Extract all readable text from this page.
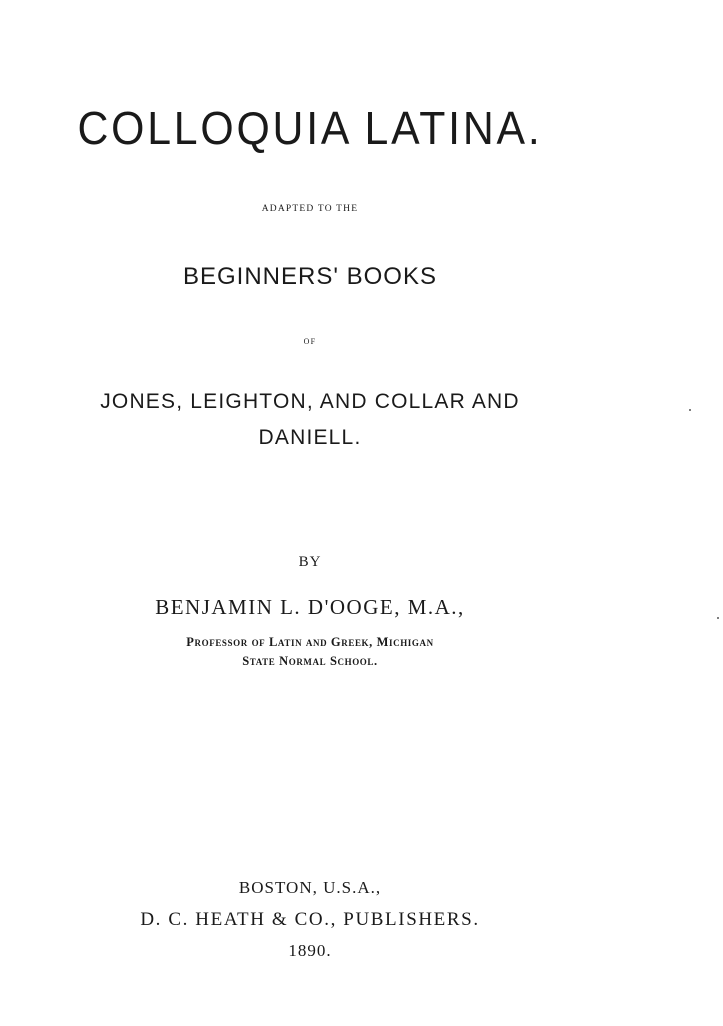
COLLOQUIA LATINA.
ADAPTED TO THE
BEGINNERS' BOOKS
OF
JONES, LEIGHTON, AND COLLAR AND
DANIELL.
BY
BENJAMIN L. D'OOGE, M.A.,
Professor of Latin and Greek, Michigan
State Normal School.
BOSTON, U.S.A.,
D. C. HEATH & CO., PUBLISHERS.
1890.
